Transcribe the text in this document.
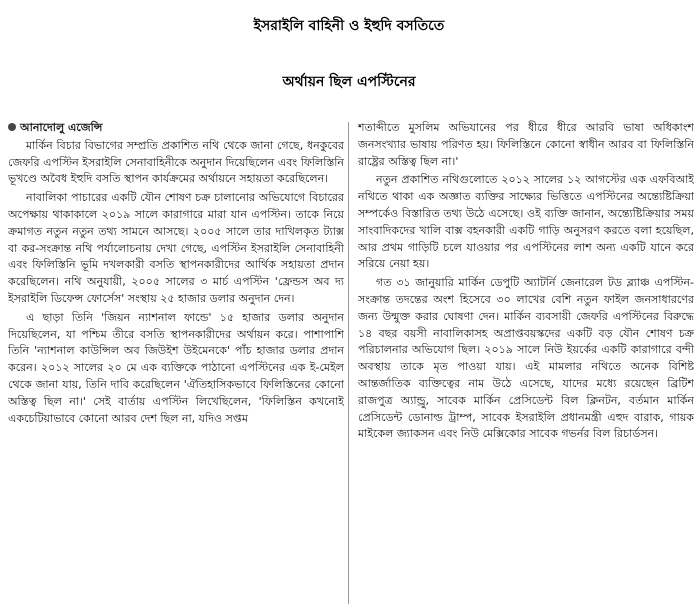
ইসরাইলি বাহিনী ও ইহুদি বসতিতে
অর্থায়ন ছিল এপস্টিনের
আনাদোলু এজেন্সি

মার্কিন বিচার বিভাগের সম্প্রতি প্রকাশিত নথি থেকে জানা গেছে, ধনকুবের জেফরি এপস্টিন ইসরাইলি সেনাবাহিনীকে অনুদান দিয়েছিলেন এবং ফিলিস্তিনি ভূখণ্ডে অবৈধ ইহুদি বসতি স্থাপন কার্যক্রমের অর্থায়নে সহায়তা করেছিলেন।

নাবালিকা পাচারের একটি যৌন শোষণ চক্র চালানোর অভিযোগে বিচারের অপেক্ষায় থাকাকালে ২০১৯ সালে কারাগারে মারা যান এপস্টিন। তাকে নিয়ে ক্রমাগত নতুন নতুন তথ্য সামনে আসছে। ২০০৫ সালে তার দাখিলকৃত ট্যাক্স বা কর-সংক্রান্ত নথি পর্যালোচনায় দেখা গেছে, এপস্টিন ইসরাইলি সেনাবাহিনী এবং ফিলিস্তিনি ভূমি দখলকারী বসতি স্থাপনকারীদের আর্থিক সহায়তা প্রদান করেছিলেন। নথি অনুযায়ী, ২০০৫ সালের ৩ মার্চ এপস্টিন 'ফ্রেন্ডস অব দ্য ইসরাইলি ডিফেন্স ফোর্সেস' সংস্থায় ২৫ হাজার ডলার অনুদান দেন।

এ ছাড়া তিনি 'জিয়ন ন্যাশনাল ফান্ডে' ১৫ হাজার ডলার অনুদান দিয়েছিলেন, যা পশ্চিম তীরে বসতি স্থাপনকারীদের অর্থায়ন করে। পাশাপাশি তিনি 'ন্যাশনাল কাউন্সিল অব জিউইশ উইমেনকে' পাঁচ হাজার ডলার প্রদান করেন। ২০১২ সালের ২০ মে এক ব্যক্তিকে পাঠানো এপস্টিনের এক ই-মেইল থেকে জানা যায়, তিনি দাবি করেছিলেন 'ঐতিহাসিকভাবে ফিলিস্তিনের কোনো অস্তিত্ব ছিল না।' সেই বার্তায় এপস্টিন লিখেছিলেন, 'ফিলিস্তিন কখনোই একচেটিয়াভাবে কোনো আরব দেশ ছিল না, যদিও সপ্তম

শতাব্দীতে মুসলিম অভিযানের পর ধীরে ধীরে আরবি ভাষা অধিকাংশ জনসংখ্যার ভাষায় পরিণত হয়। ফিলিস্তিনে কোনো স্বাধীন আরব বা ফিলিস্তিনি রাষ্ট্রের অস্তিত্ব ছিল না।'

নতুন প্রকাশিত নথিগুলোতে ২০১২ সালের ১২ আগস্টের এক এফবিআই নথিতে থাকা এক অজ্ঞাত ব্যক্তির সাক্ষ্যের ভিত্তিতে এপস্টিনের অন্ত্যেষ্টিক্রিয়া সম্পর্কেও বিস্তারিত তথ্য উঠে এসেছে। ওই ব্যক্তি জানান, অন্ত্যেষ্টিক্রিয়ার সময় সাংবাদিকদের খালি বাক্স বহনকারী একটি গাড়ি অনুসরণ করতে বলা হয়েছিল, আর প্রথম গাড়িটি চলে যাওয়ার পর এপস্টিনের লাশ অন্য একটি যানে করে সরিয়ে নেয়া হয়।

গত ৩১ জানুয়ারি মার্কিন ডেপুটি অ্যাটর্নি জেনারেল টড ব্ল্যাঞ্চ এপস্টিন-সংক্রান্ত তদন্তের অংশ হিসেবে ৩০ লাখের বেশি নতুন ফাইল জনসাধারণের জন্য উন্মুক্ত করার ঘোষণা দেন। মার্কিন ব্যবসায়ী জেফরি এপস্টিনের বিরুদ্ধে ১৪ বছর বয়সী নাবালিকাসহ অপ্রাপ্তবয়স্কদের একটি বড় যৌন শোষণ চক্র পরিচালনার অভিযোগ ছিল। ২০১৯ সালে নিউ ইয়র্কের একটি কারাগারে বন্দী অবস্থায় তাকে মৃত পাওয়া যায়। এই মামলার নথিতে অনেক বিশিষ্ট আন্তর্জাতিক ব্যক্তিত্বের নাম উঠে এসেছে, যাদের মধ্যে রয়েছেন ব্রিটিশ রাজপুত্র অ্যান্ড্রু, সাবেক মার্কিন প্রেসিডেন্ট বিল ক্লিনটন, বর্তমান মার্কিন প্রেসিডেন্ট ডোনাল্ড ট্রাম্প, সাবেক ইসরাইলি প্রধানমন্ত্রী এহুদ বারাক, গায়ক মাইকেল জ্যাকসন এবং নিউ মেক্সিকোর সাবেক গভর্নর বিল রিচার্ডসন।
